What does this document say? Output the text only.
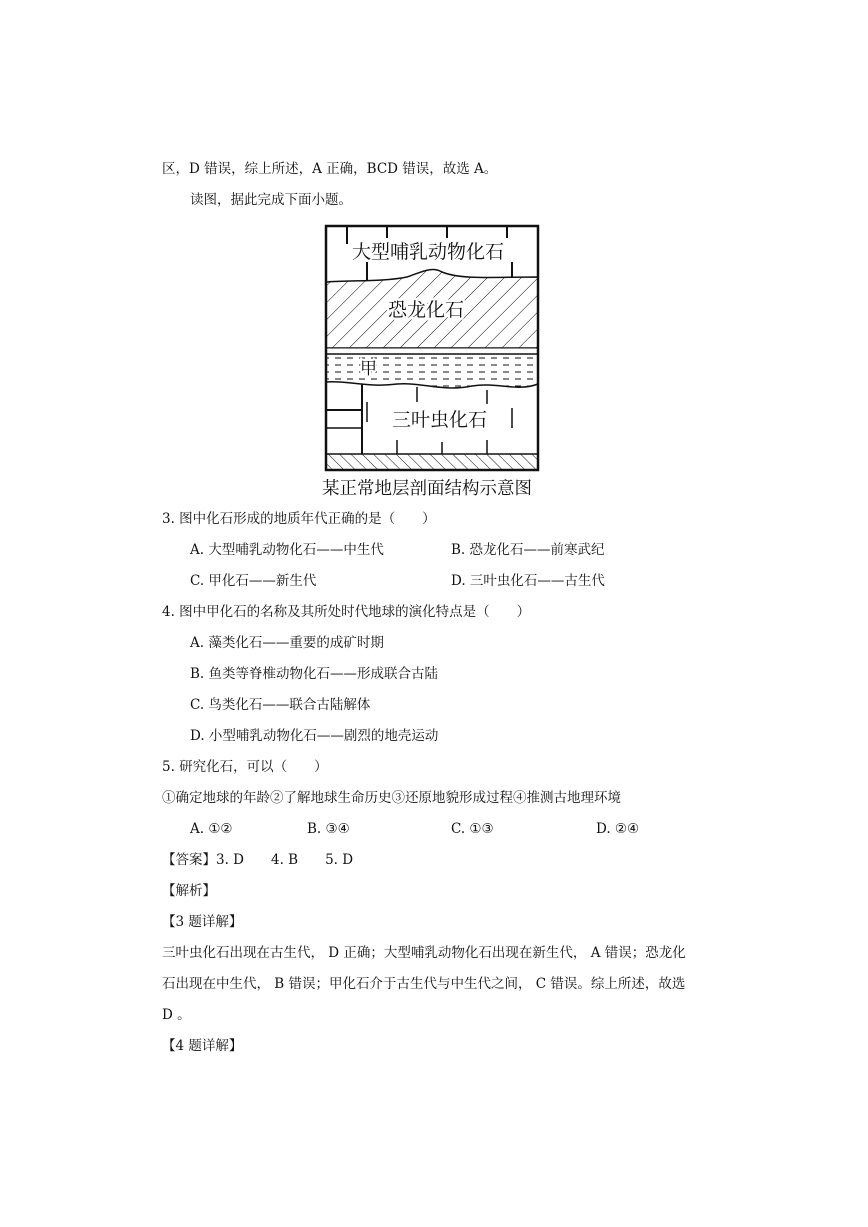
区，D 错误，综上所述，A 正确，BCD 错误，故选 A。
读图，据此完成下面小题。
大型哺乳动物化石
恐龙化石
甲
三叶虫化石
某正常地层剖面结构示意图
3. 图中化石形成的地质年代正确的是（　　）
A. 大型哺乳动物化石——中生代	B. 恐龙化石——前寒武纪
C. 甲化石——新生代	D. 三叶虫化石——古生代
4. 图中甲化石的名称及其所处时代地球的演化特点是（　　）
A. 藻类化石——重要的成矿时期
B. 鱼类等脊椎动物化石——形成联合古陆
C. 鸟类化石——联合古陆解体
D. 小型哺乳动物化石——剧烈的地壳运动
5. 研究化石，可以（　　）
①确定地球的年龄②了解地球生命历史③还原地貌形成过程④推测古地理环境
A. ①②	B. ③④	C. ①③	D. ②④
【答案】3. D　　4. B　　5. D
【解析】
【3 题详解】
三叶虫化石出现在古生代， D 正确；大型哺乳动物化石出现在新生代， A 错误；恐龙化
石出现在中生代， B 错误；甲化石介于古生代与中生代之间， C 错误。综上所述，故选
D 。
【4 题详解】
